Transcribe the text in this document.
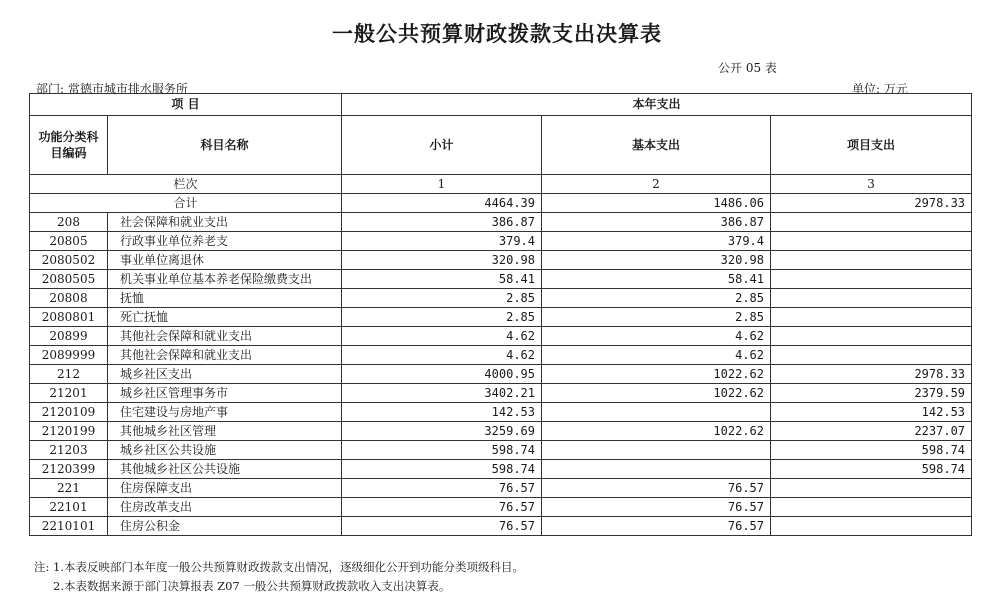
一般公共预算财政拨款支出决算表
公开 05 表
部门: 常德市城市排水服务所	单位: 万元
项 目		本年支出		
功能分类科目编码	科目名称	小计	基本支出	项目支出
栏次		1	2	3
合计		4464.39	1486.06	2978.33
208	社会保障和就业支出	386.87	386.87	
20805	行政事业单位养老支	379.4	379.4	
2080502	事业单位离退休	320.98	320.98	
2080505	机关事业单位基本养老保险缴费支出	58.41	58.41	
20808	抚恤	2.85	2.85	
2080801	死亡抚恤	2.85	2.85	
20899	其他社会保障和就业支出	4.62	4.62	
2089999	其他社会保障和就业支出	4.62	4.62	
212	城乡社区支出	4000.95	1022.62	2978.33
21201	城乡社区管理事务市	3402.21	1022.62	2379.59
2120109	住宅建设与房地产事	142.53		142.53
2120199	其他城乡社区管理	3259.69	1022.62	2237.07
21203	城乡社区公共设施	598.74		598.74
2120399	其他城乡社区公共设施	598.74		598.74
221	住房保障支出	76.57	76.57	
22101	住房改革支出	76.57	76.57	
2210101	住房公积金	76.57	76.57	
注: 1.本表反映部门本年度一般公共预算财政拨款支出情况，逐级细化公开到功能分类项级科目。
2.本表数据来源于部门决算报表 Z07 一般公共预算财政拨款收入支出决算表。
